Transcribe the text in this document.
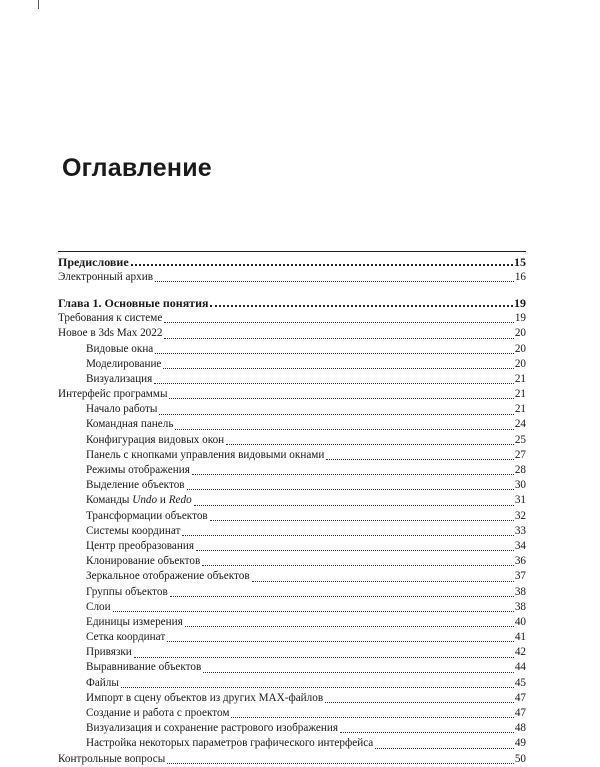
Оглавление
Предисловие	15
Электронный архив	16
Глава 1. Основные понятия	19
Требования к системе	19
Новое в 3ds Max 2022	20
Видовые окна	20
Моделирование	20
Визуализация	21
Интерфейс программы	21
Начало работы	21
Командная панель	24
Конфигурация видовых окон	25
Панель с кнопками управления видовыми окнами	27
Режимы отображения	28
Выделение объектов	30
Команды Undo и Redo	31
Трансформации объектов	32
Системы координат	33
Центр преобразования	34
Клонирование объектов	36
Зеркальное отображение объектов	37
Группы объектов	38
Слои	38
Единицы измерения	40
Сетка координат	41
Привязки	42
Выравнивание объектов	44
Файлы	45
Импорт в сцену объектов из других MAX-файлов	47
Создание и работа с проектом	47
Визуализация и сохранение растрового изображения	48
Настройка некоторых параметров графического интерфейса	49
Контрольные вопросы	50
